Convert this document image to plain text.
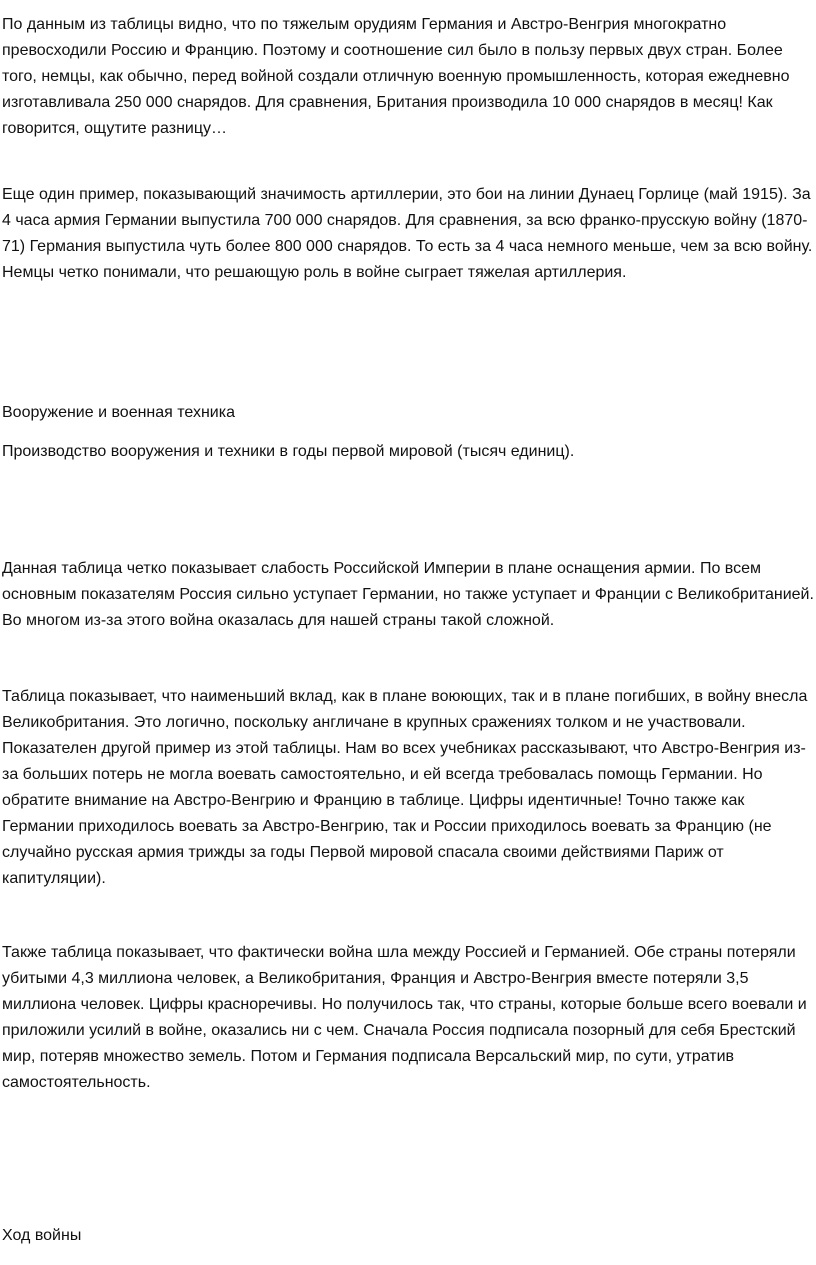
По данным из таблицы видно, что по тяжелым орудиям Германия и Австро-Венгрия многократно превосходили Россию и Францию. Поэтому и соотношение сил было в пользу первых двух стран. Более того, немцы, как обычно, перед войной создали отличную военную промышленность, которая ежедневно изготавливала 250 000 снарядов. Для сравнения, Британия производила 10 000 снарядов в месяц! Как говорится, ощутите разницу…

Еще один пример, показывающий значимость артиллерии, это бои на линии Дунаец Горлице (май 1915). За 4 часа армия Германии выпустила 700 000 снарядов. Для сравнения, за всю франко-прусскую войну (1870-71) Германия выпустила чуть более 800 000 снарядов. То есть за 4 часа немного меньше, чем за всю войну. Немцы четко понимали, что решающую роль в войне сыграет тяжелая артиллерия.

Вооружение и военная техника

Производство вооружения и техники в годы первой мировой (тысяч единиц).

Данная таблица четко показывает слабость Российской Империи в плане оснащения армии. По всем основным показателям Россия сильно уступает Германии, но также уступает и Франции с Великобританией. Во многом из-за этого война оказалась для нашей страны такой сложной.

Таблица показывает, что наименьший вклад, как в плане воюющих, так и в плане погибших, в войну внесла Великобритания. Это логично, поскольку англичане в крупных сражениях толком и не участвовали. Показателен другой пример из этой таблицы. Нам во всех учебниках рассказывают, что Австро-Венгрия из-за больших потерь не могла воевать самостоятельно, и ей всегда требовалась помощь Германии. Но обратите внимание на Австро-Венгрию и Францию в таблице. Цифры идентичные! Точно также как Германии приходилось воевать за Австро-Венгрию, так и России приходилось воевать за Францию (не случайно русская армия трижды за годы Первой мировой спасала своими действиями Париж от капитуляции).

Также таблица показывает, что фактически война шла между Россией и Германией. Обе страны потеряли убитыми 4,3 миллиона человек, а Великобритания, Франция и Австро-Венгрия вместе потеряли 3,5 миллиона человек. Цифры красноречивы. Но получилось так, что страны, которые больше всего воевали и приложили усилий в войне, оказались ни с чем. Сначала Россия подписала позорный для себя Брестский мир, потеряв множество земель. Потом и Германия подписала Версальский мир, по сути, утратив самостоятельность.

Ход войны
